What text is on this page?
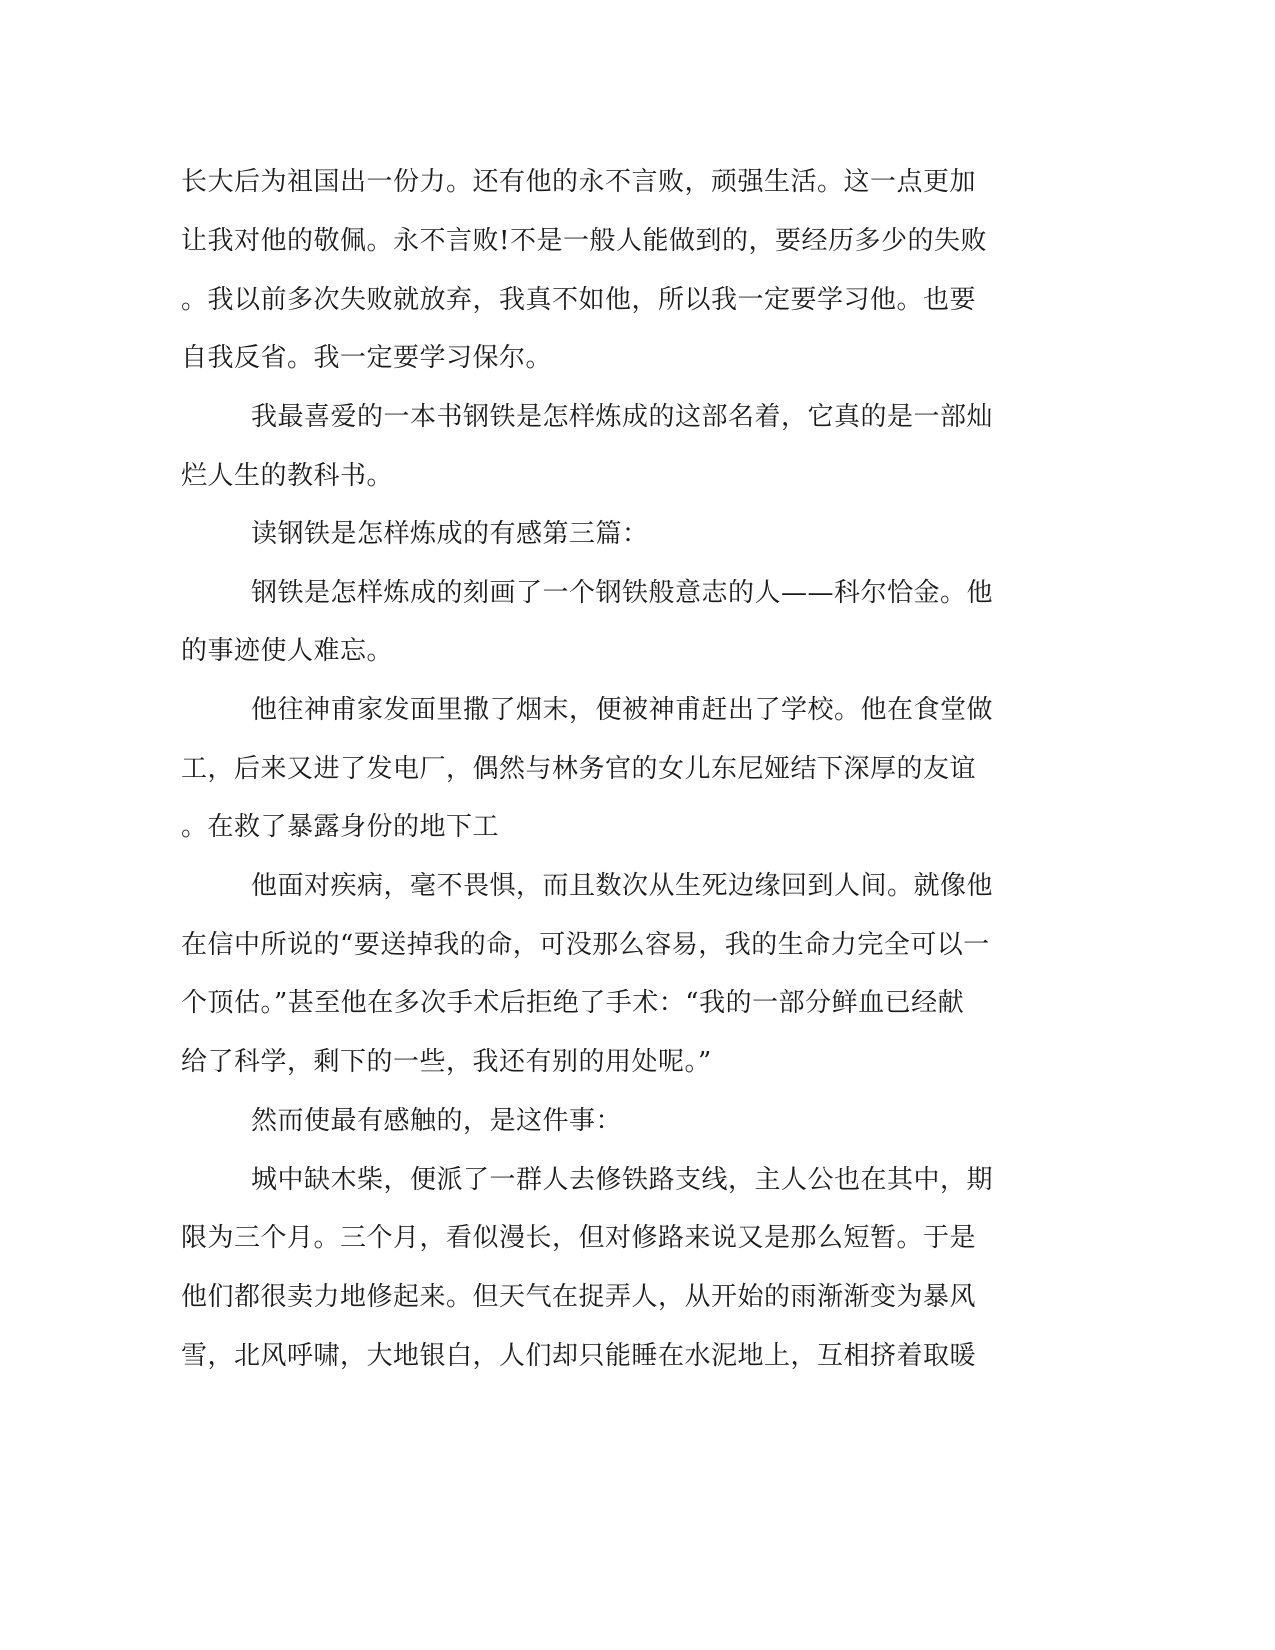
长大后为祖国出一份力。还有他的永不言败，顽强生活。这一点更加
让我对他的敬佩。永不言败!不是一般人能做到的，要经历多少的失败
。我以前多次失败就放弃，我真不如他，所以我一定要学习他。也要
自我反省。我一定要学习保尔。
我最喜爱的一本书钢铁是怎样炼成的这部名着，它真的是一部灿
烂人生的教科书。
读钢铁是怎样炼成的有感第三篇：
钢铁是怎样炼成的刻画了一个钢铁般意志的人——科尔恰金。他
的事迹使人难忘。
他往神甫家发面里撒了烟末，便被神甫赶出了学校。他在食堂做
工，后来又进了发电厂，偶然与林务官的女儿东尼娅结下深厚的友谊
。在救了暴露身份的地下工
他面对疾病，毫不畏惧，而且数次从生死边缘回到人间。就像他
在信中所说的“要送掉我的命，可没那么容易，我的生命力完全可以一
个顶估。”甚至他在多次手术后拒绝了手术：“我的一部分鲜血已经献
给了科学，剩下的一些，我还有别的用处呢。”
然而使最有感触的，是这件事：
城中缺木柴，便派了一群人去修铁路支线，主人公也在其中，期
限为三个月。三个月，看似漫长，但对修路来说又是那么短暂。于是
他们都很卖力地修起来。但天气在捉弄人，从开始的雨渐渐变为暴风
雪，北风呼啸，大地银白，人们却只能睡在水泥地上，互相挤着取暖
